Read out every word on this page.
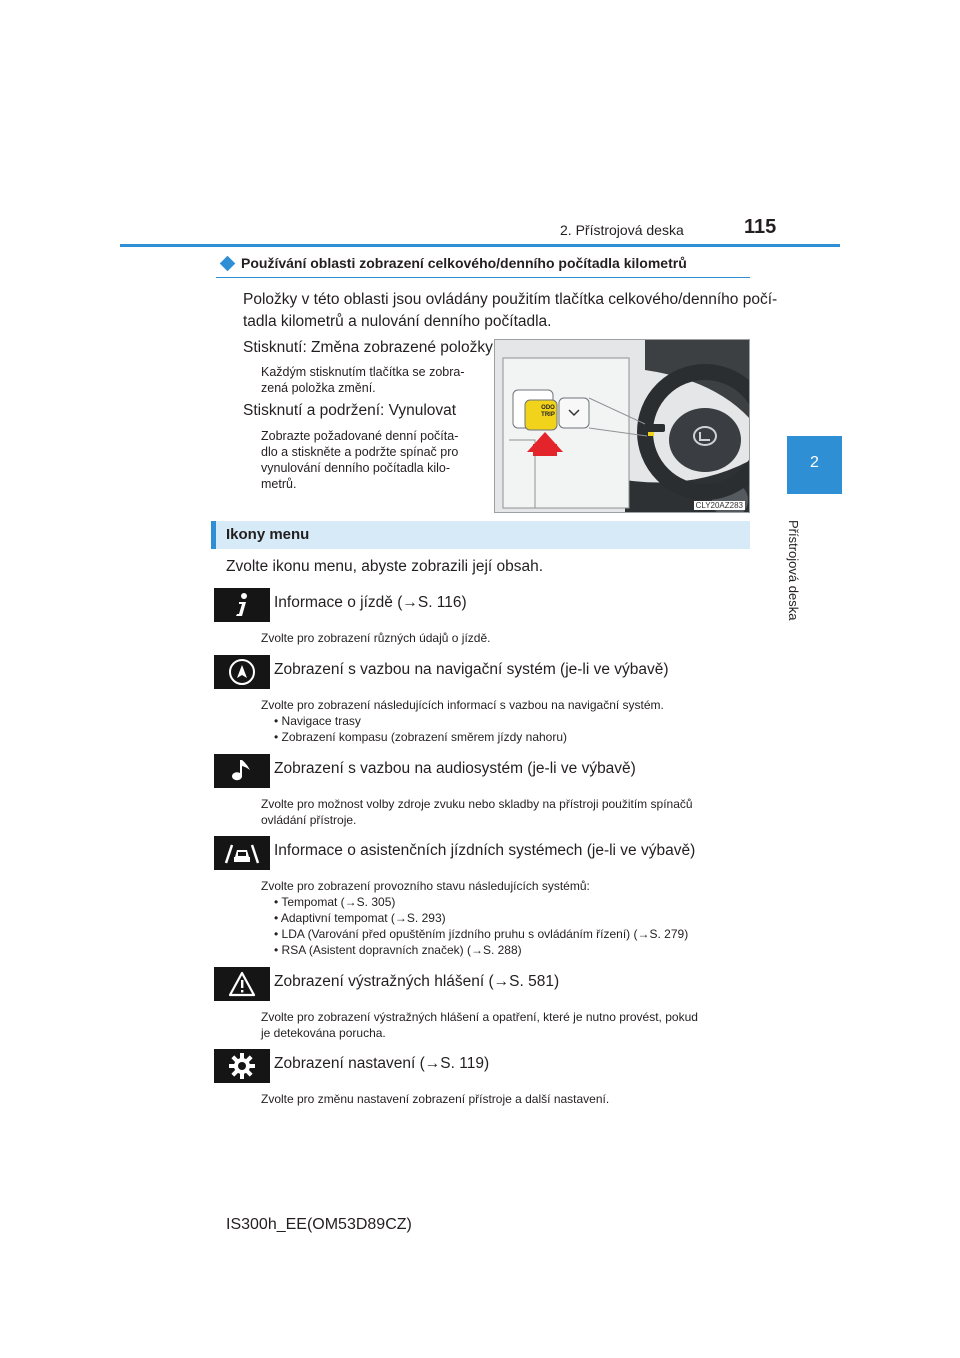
2. Přístrojová deska	115
2
Přístrojová deska
Používání oblasti zobrazení celkového/denního počítadla kilometrů
Položky v této oblasti jsou ovládány použitím tlačítka celkového/denního počí-
tadla kilometrů a nulování denního počítadla.
Stisknutí: Změna zobrazené položky
Každým stisknutím tlačítka se zobra-
zená položka změní.
Stisknutí a podržení: Vynulovat
Zobrazte požadované denní počíta-
dlo a stiskněte a podržte spínač pro
vynulování denního počítadla kilo-
metrů.
ODO
TRIP
CLY20AZ283
Ikony menu
Zvolte ikonu menu, abyste zobrazili její obsah.
Informace o jízdě (→S. 116)
Zvolte pro zobrazení různých údajů o jízdě.
Zobrazení s vazbou na navigační systém (je-li ve výbavě)
Zvolte pro zobrazení následujících informací s vazbou na navigační systém.
• Navigace trasy
• Zobrazení kompasu (zobrazení směrem jízdy nahoru)
Zobrazení s vazbou na audiosystém (je-li ve výbavě)
Zvolte pro možnost volby zdroje zvuku nebo skladby na přístroji použitím spínačů
ovládání přístroje.
Informace o asistenčních jízdních systémech (je-li ve výbavě)
Zvolte pro zobrazení provozního stavu následujících systémů:
• Tempomat (→S. 305)
• Adaptivní tempomat (→S. 293)
• LDA (Varování před opuštěním jízdního pruhu s ovládáním řízení) (→S. 279)
• RSA (Asistent dopravních značek) (→S. 288)
Zobrazení výstražných hlášení (→S. 581)
Zvolte pro zobrazení výstražných hlášení a opatření, které je nutno provést, pokud
je detekována porucha.
Zobrazení nastavení (→S. 119)
Zvolte pro změnu nastavení zobrazení přístroje a další nastavení.
IS300h_EE(OM53D89CZ)
